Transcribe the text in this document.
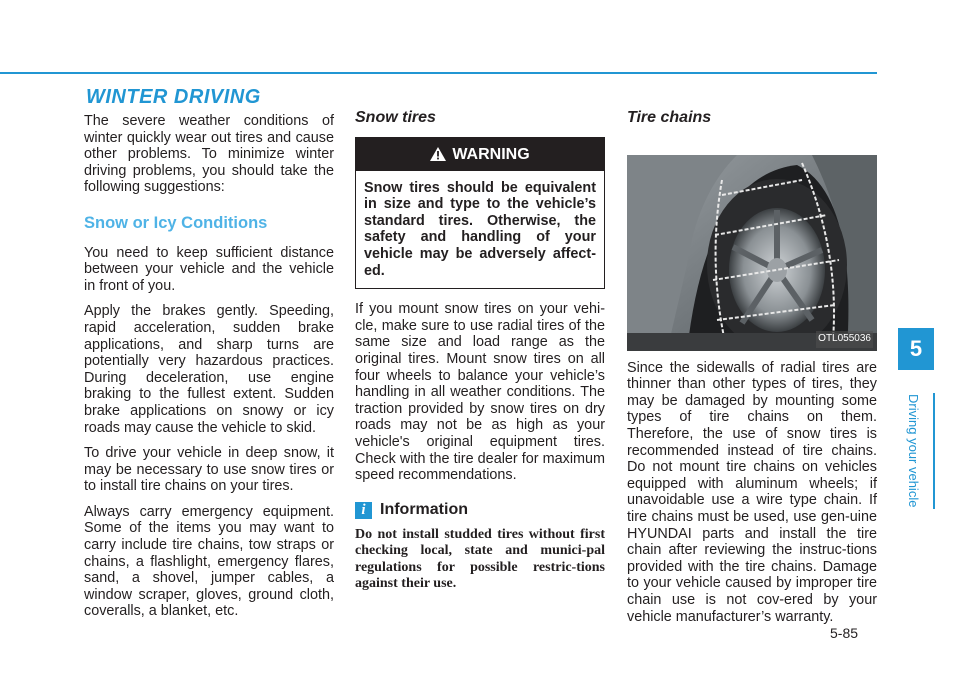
WINTER DRIVING

The severe weather conditions of winter quickly wear out tires and cause other problems. To minimize winter driving problems, you should take the following suggestions:

Snow or Icy Conditions

You need to keep sufficient distance between your vehicle and the vehicle in front of you.

Apply the brakes gently. Speeding, rapid acceleration, sudden brake applications, and sharp turns are potentially very hazardous practices. During deceleration, use engine braking to the fullest extent. Sudden brake applications on snowy or icy roads may cause the vehicle to skid.

To drive your vehicle in deep snow, it may be necessary to use snow tires or to install tire chains on your tires.

Always carry emergency equipment. Some of the items you may want to carry include tire chains, tow straps or chains, a flashlight, emergency flares, sand, a shovel, jumper cables, a window scraper, gloves, ground cloth, coveralls, a blanket, etc.

Snow tires
WARNING
Snow tires should be equivalent in size and type to the vehicle’s standard tires. Otherwise, the safety and handling of your vehicle may be adversely affect-ed.

If you mount snow tires on your vehi-cle, make sure to use radial tires of the same size and load range as the original tires. Mount snow tires on all four wheels to balance your vehicle’s handling in all weather conditions. The traction provided by snow tires on dry roads may not be as high as your vehicle's original equipment tires. Check with the tire dealer for maximum speed recommendations.

i Information
Do not install studded tires without first checking local, state and munici-pal regulations for possible restric-tions against their use.
Tire chains
OTL055036

Since the sidewalls of radial tires are thinner than other types of tires, they may be damaged by mounting some types of tire chains on them. Therefore, the use of snow tires is recommended instead of tire chains. Do not mount tire chains on vehicles equipped with aluminum wheels; if unavoidable use a wire type chain. If tire chains must be used, use gen-uine HYUNDAI parts and install the tire chain after reviewing the instruc-tions provided with the tire chains. Damage to your vehicle caused by improper tire chain use is not cov-ered by your vehicle manufacturer’s warranty.

5
Driving your vehicle
5-85
